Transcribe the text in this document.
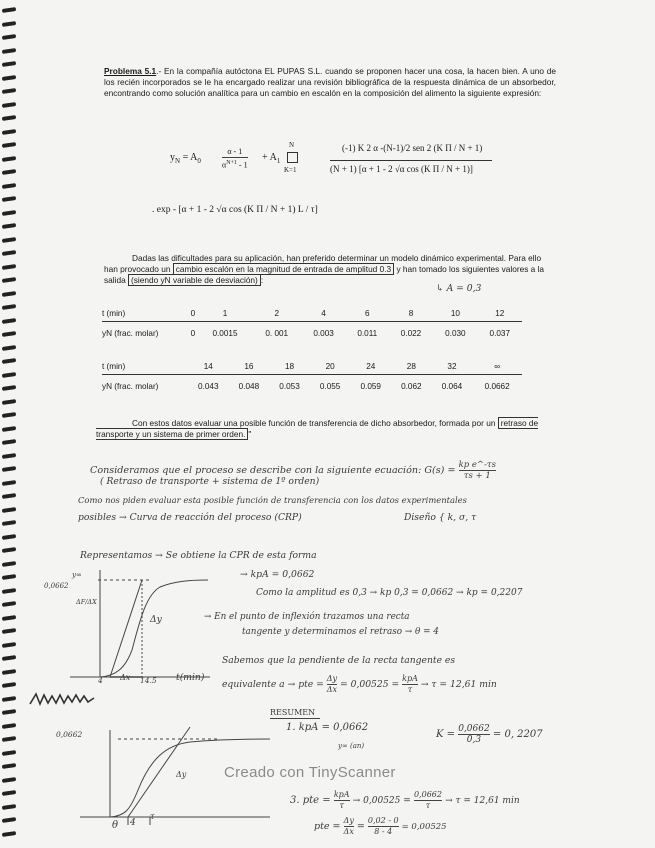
Problema 5.1.- En la compañía autóctona EL PUPAS S.L. cuando se proponen hacer una cosa, la hacen bien. A uno de los recién incorporados se le ha encargado realizar una revisión bibliográfica de la respuesta dinámica de un absorbedor, encontrando como solución analítica para un cambio en escalón en la composición del alimento la siguiente expresión:
$y_N = A_0$	$\frac{\alpha - 1}{\alpha^{N+1} - 1} + A_1$
N
K=1
(-1) K 2 α -(N-1)/2 sen 2 (K Π / N + 1)
(N + 1) [α + 1 - 2 √α cos (K Π / N + 1)]
. exp - [α + 1 - 2 √α cos (K Π / N + 1) L / τ]
Dadas las dificultades para su aplicación, han preferido determinar un modelo dinámico experimental. Para ello han provocado un cambio escalón en la magnitud de entrada de amplitud 0.3 y han tomado los siguientes valores a la salida (siendo yN variable de desviación) :
↳ A = 0,3
t (min)	0	1	2	4	6	8	10	12
yN (frac. molar)	0	0.0015	0. 001	0.003	0.011	0.022	0.030	0.037
t (min)	14	16	18	20	24	28	32	∞
yN (frac. molar)	0.043	0.048	0.053	0.055	0.059	0.062	0.064	0.0662
Con estos datos evaluar una posible función de transferencia de dicho absorbedor, formada por un retraso de transporte y un sistema de primer orden. "
Consideramos que el proceso se describe con la siguiente ecuación: $G(s) = \frac{\text{kp e\textasciicircum{}-τs}}{\tau s + 1}$
( Retraso de transporte + sistema de 1º orden)
Como nos piden evaluar esta posible función de transferencia con los datos experimentales
posibles → Curva de reacción del proceso (CRP)	Diseño { k, σ, τ
Representamos → Se obtiene la CPR de esta forma
y∞
0,0662
ΔF/ΔX
Δy
Δx
4	14.5 t(min)
→ kpA = 0,0662
Como la amplitud es 0,3 → kp 0,3 = 0,0662 → kp = 0,2207
→ En el punto de inflexión trazamos una recta
tangente y determinamos el retraso → θ = 4
Sabemos que la pendiente de la recta tangente es
equivalente a → pte = $\frac{\Delta y}{\Delta x} = 0,00525 = \frac{\text{kpA}}{\tau} \to \tau = 12,61$ min
RESUMEN
1. kpA = 0,0662
y∞ (an)
$K = \frac{0,0662}{0,3} = 0$, 2207
0,0662
Δy
θ 4
τ
3. pte = $\frac{\text{kpA}}{\tau} \to 0,00525 = \frac{0,0662}{\tau} \to \tau = 12,61$ min
pte = $\frac{\Delta y}{\Delta x} = \frac{0,02 - 0}{8 - 4} = 0,00525$
Creado con TinyScanner
